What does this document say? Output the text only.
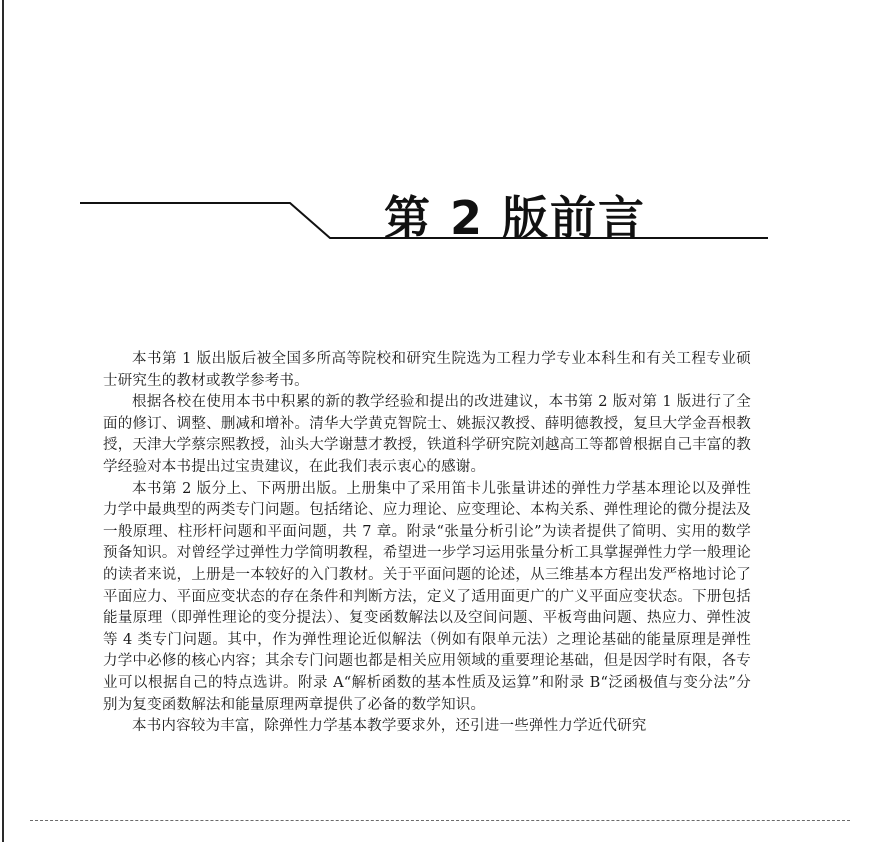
第 2 版前言

本书第 1 版出版后被全国多所高等院校和研究生院选为工程力学专业本科生和有关工程专业硕士研究生的教材或教学参考书。

根据各校在使用本书中积累的新的教学经验和提出的改进建议，本书第 2 版对第 1 版进行了全面的修订、调整、删减和增补。清华大学黄克智院士、姚振汉教授、薛明德教授，复旦大学金吾根教授，天津大学蔡宗熙教授，汕头大学谢慧才教授，铁道科学研究院刘越高工等都曾根据自己丰富的教学经验对本书提出过宝贵建议，在此我们表示衷心的感谢。

本书第 2 版分上、下两册出版。上册集中了采用笛卡儿张量讲述的弹性力学基本理论以及弹性力学中最典型的两类专门问题。包括绪论、应力理论、应变理论、本构关系、弹性理论的微分提法及一般原理、柱形杆问题和平面问题，共 7 章。附录“张量分析引论”为读者提供了简明、实用的数学预备知识。对曾经学过弹性力学简明教程，希望进一步学习运用张量分析工具掌握弹性力学一般理论的读者来说，上册是一本较好的入门教材。关于平面问题的论述，从三维基本方程出发严格地讨论了平面应力、平面应变状态的存在条件和判断方法，定义了适用面更广的广义平面应变状态。下册包括能量原理（即弹性理论的变分提法）、复变函数解法以及空间问题、平板弯曲问题、热应力、弹性波等 4 类专门问题。其中，作为弹性理论近似解法（例如有限单元法）之理论基础的能量原理是弹性力学中必修的核心内容；其余专门问题也都是相关应用领域的重要理论基础，但是因学时有限，各专业可以根据自己的特点选讲。附录 A“解析函数的基本性质及运算”和附录 B“泛函极值与变分法”分别为复变函数解法和能量原理两章提供了必备的数学知识。

本书内容较为丰富，除弹性力学基本教学要求外，还引进一些弹性力学近代研究
